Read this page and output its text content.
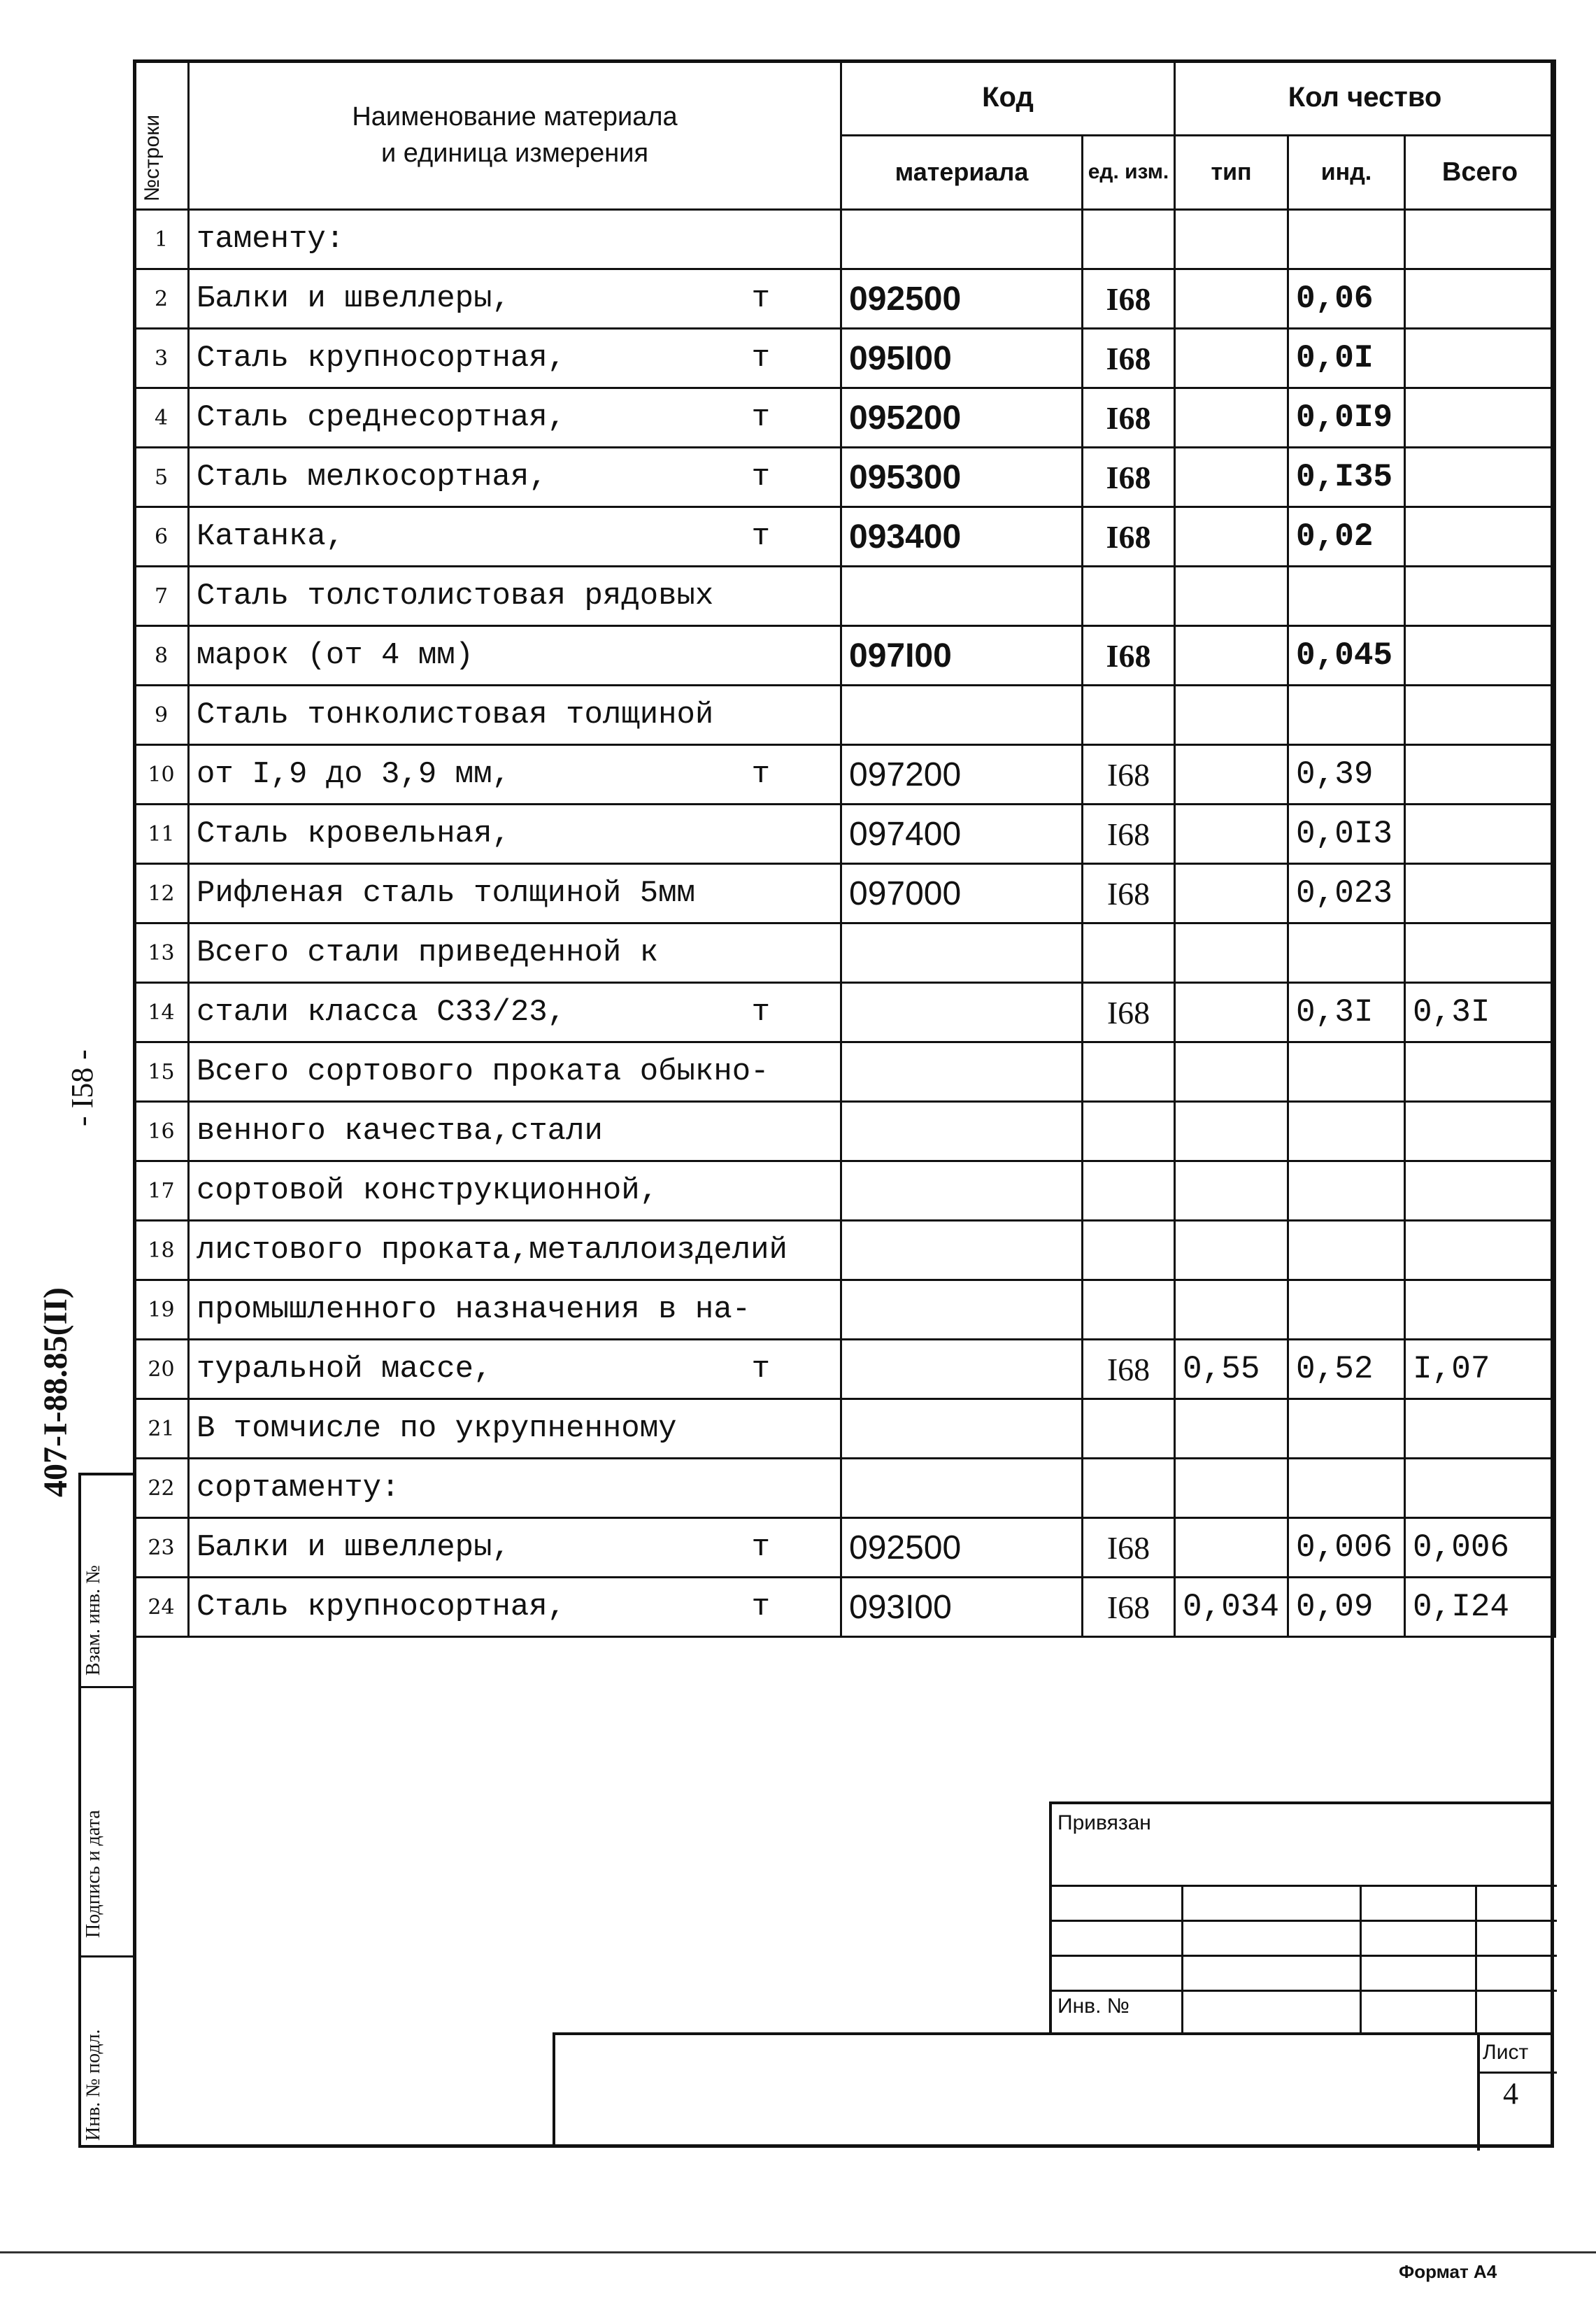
№строки	Наименование материала
и единица измерения	Код		Кол чество		
		материала	ед. изм.	тип	инд.	Всего
1	таменту:					
2	Балки и швеллеры, т	092500	I68		0,06	
3	Сталь крупносортная, т	095I00	I68		0,0I	
4	Сталь среднесортная, т	095200	I68		0,0I9	
5	Сталь мелкосортная, т	095300	I68		0,I35	
6	Катанка, т	093400	I68		0,02	
7	Сталь толстолистовая рядовых					
8	марок (от 4 мм)	097I00	I68		0,045	
9	Сталь тонколистовая толщиной					
10	от I,9 до 3,9 мм, т	097200	I68		0,39	
11	Сталь кровельная,	097400	I68		0,0I3	
12	Рифленая сталь толщиной 5мм	097000	I68		0,023	
13	Всего стали приведенной к					
14	стали класса С33/23, т		I68		0,3I	0,3I
15	Всего сортового проката обыкно-					
16	венного качества,стали					
17	сортовой конструкционной,					
18	листового проката,металлоизделий					
19	промышленного назначения в на-					
20	туральной массе, т		I68	0,55	0,52	I,07
21	В томчисле по укрупненному					
22	сортаменту:					
23	Балки и швеллеры, т	092500	I68		0,006	0,006
24	Сталь крупносортная, т	093I00	I68	0,034	0,09	0,I24
Взам. инв. №
Подпись и дата
Инв. № подл.
407-I-88.85(II)
- I58 -
Привязан
Инв. №
Лист
4
Формат А4
